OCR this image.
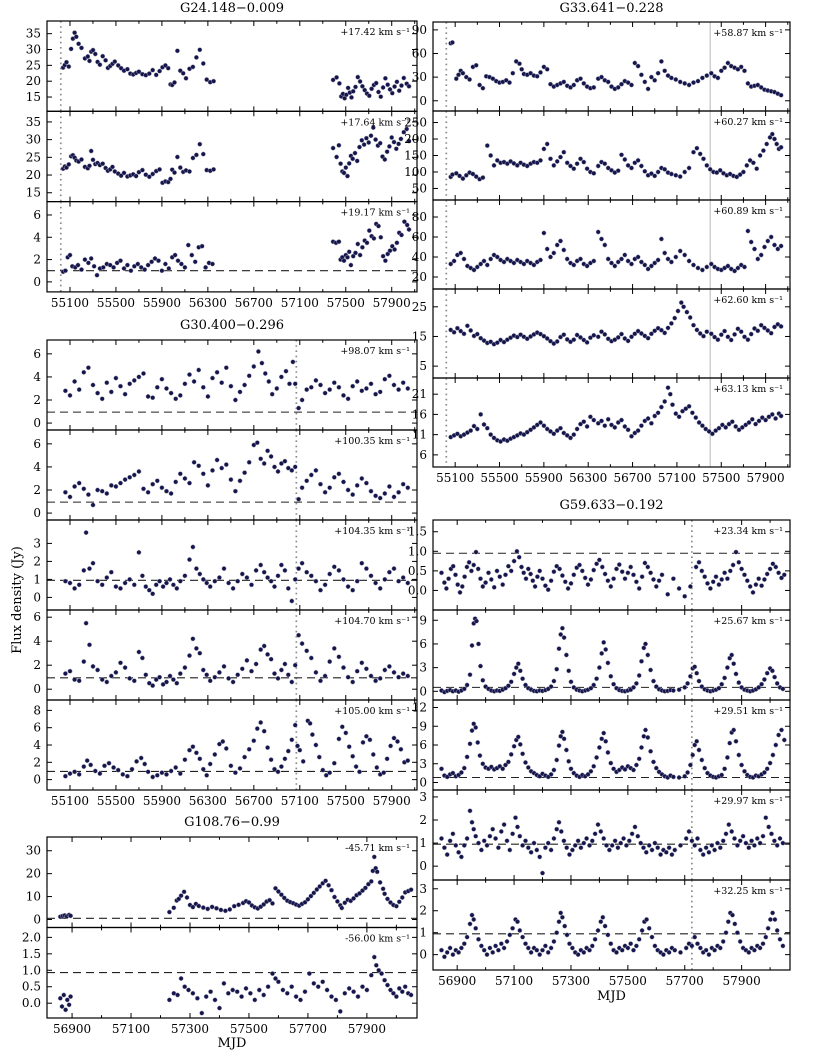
15
20
25
30
35	+17.42 km s⁻¹
15
20
25
30
35	+17.64 km s⁻¹
0
2
4
6	+19.17 km s⁻¹
55100 55500 55900 56300 56700 57100 57500 57900
0
2
4
6	+98.07 km s⁻¹
0
2
4
6	+100.35 km s⁻¹
0
1
2
3
+104.35 km s⁻¹
0
2
4
6	+104.70 km s⁻¹
0
2
4
6
8	+105.00 km s⁻¹
55100 55500 55900 56300 56700 57100 57500 57900
0
10
20
30	-45.71 km s⁻¹
0.0
0.5
1.0
1.5
2.0	-56.00 km s⁻¹
56900 57100 57300 57500 57700 57900
0
30
60
90	+58.87 km s⁻¹
50
100
150
200
250	+60.27 km s⁻¹
20
40
60
80	+60.89 km s⁻¹
5
15
25	+62.60 km s⁻¹
6
11
16
21	+63.13 km s⁻¹
55100 55500 55900 56300 56700 57100 57500 57900
0.0
0.5
1.0
1.5	+23.34 km s⁻¹
0
3
6
9	+25.67 km s⁻¹
0
3
6
9
12	+29.51 km s⁻¹
0
1
2
3	+29.97 km s⁻¹
0
1
2
3	+32.25 km s⁻¹
56900 57100 57300 57500 57700 57900
G24.148−0.009
G30.400−0.296
G108.76−0.99
G33.641−0.228
G59.633−0.192
MJD
MJD
Flux density (Jy)
